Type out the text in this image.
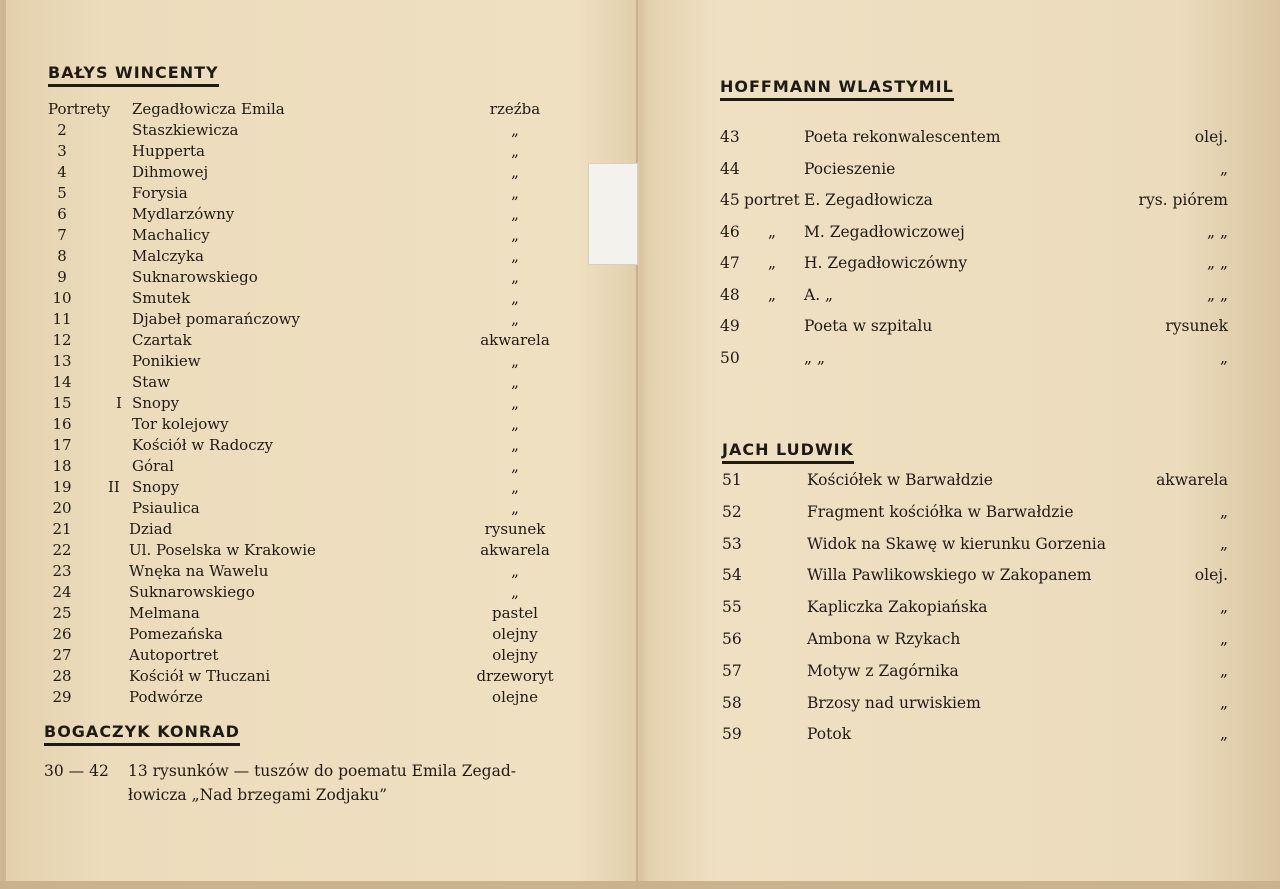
BAŁYS WINCENTY
Portrety Zegadłowicza Emila	rzeźba
2	Staszkiewicza	„
3	Hupperta	„
4	Dihmowej	„
5	Forysia	„
6	Mydlarzówny	„
7	Machalicy	„
8	Malczyka	„
9	Suknarowskiego	„
10	Smutek	„
11	Djabeł pomarańczowy	„
12	Czartak	akwarela
13	Ponikiew	„
14	Staw	„
15	I Snopy	„
16	Tor kolejowy	„
17	Kościół w Radoczy	„
18	Góral	„
19 II Snopy	„
20	Psiaulica	„
21	Dziad	rysunek
22	Ul. Poselska w Krakowie	akwarela
23	Wnęka na Wawelu	„
24	Suknarowskiego	„
25	Melmana	pastel
26	Pomezańska	olejny
27	Autoportret	olejny
28	Kościół w Tłuczani	drzeworyt
29	Podwórze	olejne
BOGACZYK KONRAD
30 — 42 13 rysunków — tuszów do poematu Emila Zegad-
łowicza „Nad brzegami Zodjaku”
HOFFMANN WLASTYMIL
43	Poeta rekonwalescentem	olej.
44	Pocieszenie	„
45 portret E. Zegadłowicza	rys. piórem
46 „ M. Zegadłowiczowej	„ „
47 „ H. Zegadłowiczówny	„ „
48 „ A. „	„ „
49	Poeta w szpitalu	rysunek
50	„ „	„
JACH LUDWIK
51	Kościółek w Barwałdzie	akwarela
52	Fragment kościółka w Barwałdzie	„
53	Widok na Skawę w kierunku Gorzenia	„
54	Willa Pawlikowskiego w Zakopanem	olej.
55	Kapliczka Zakopiańska	„
56	Ambona w Rzykach	„
57	Motyw z Zagórnika	„
58	Brzosy nad urwiskiem	„
59	Potok	„
